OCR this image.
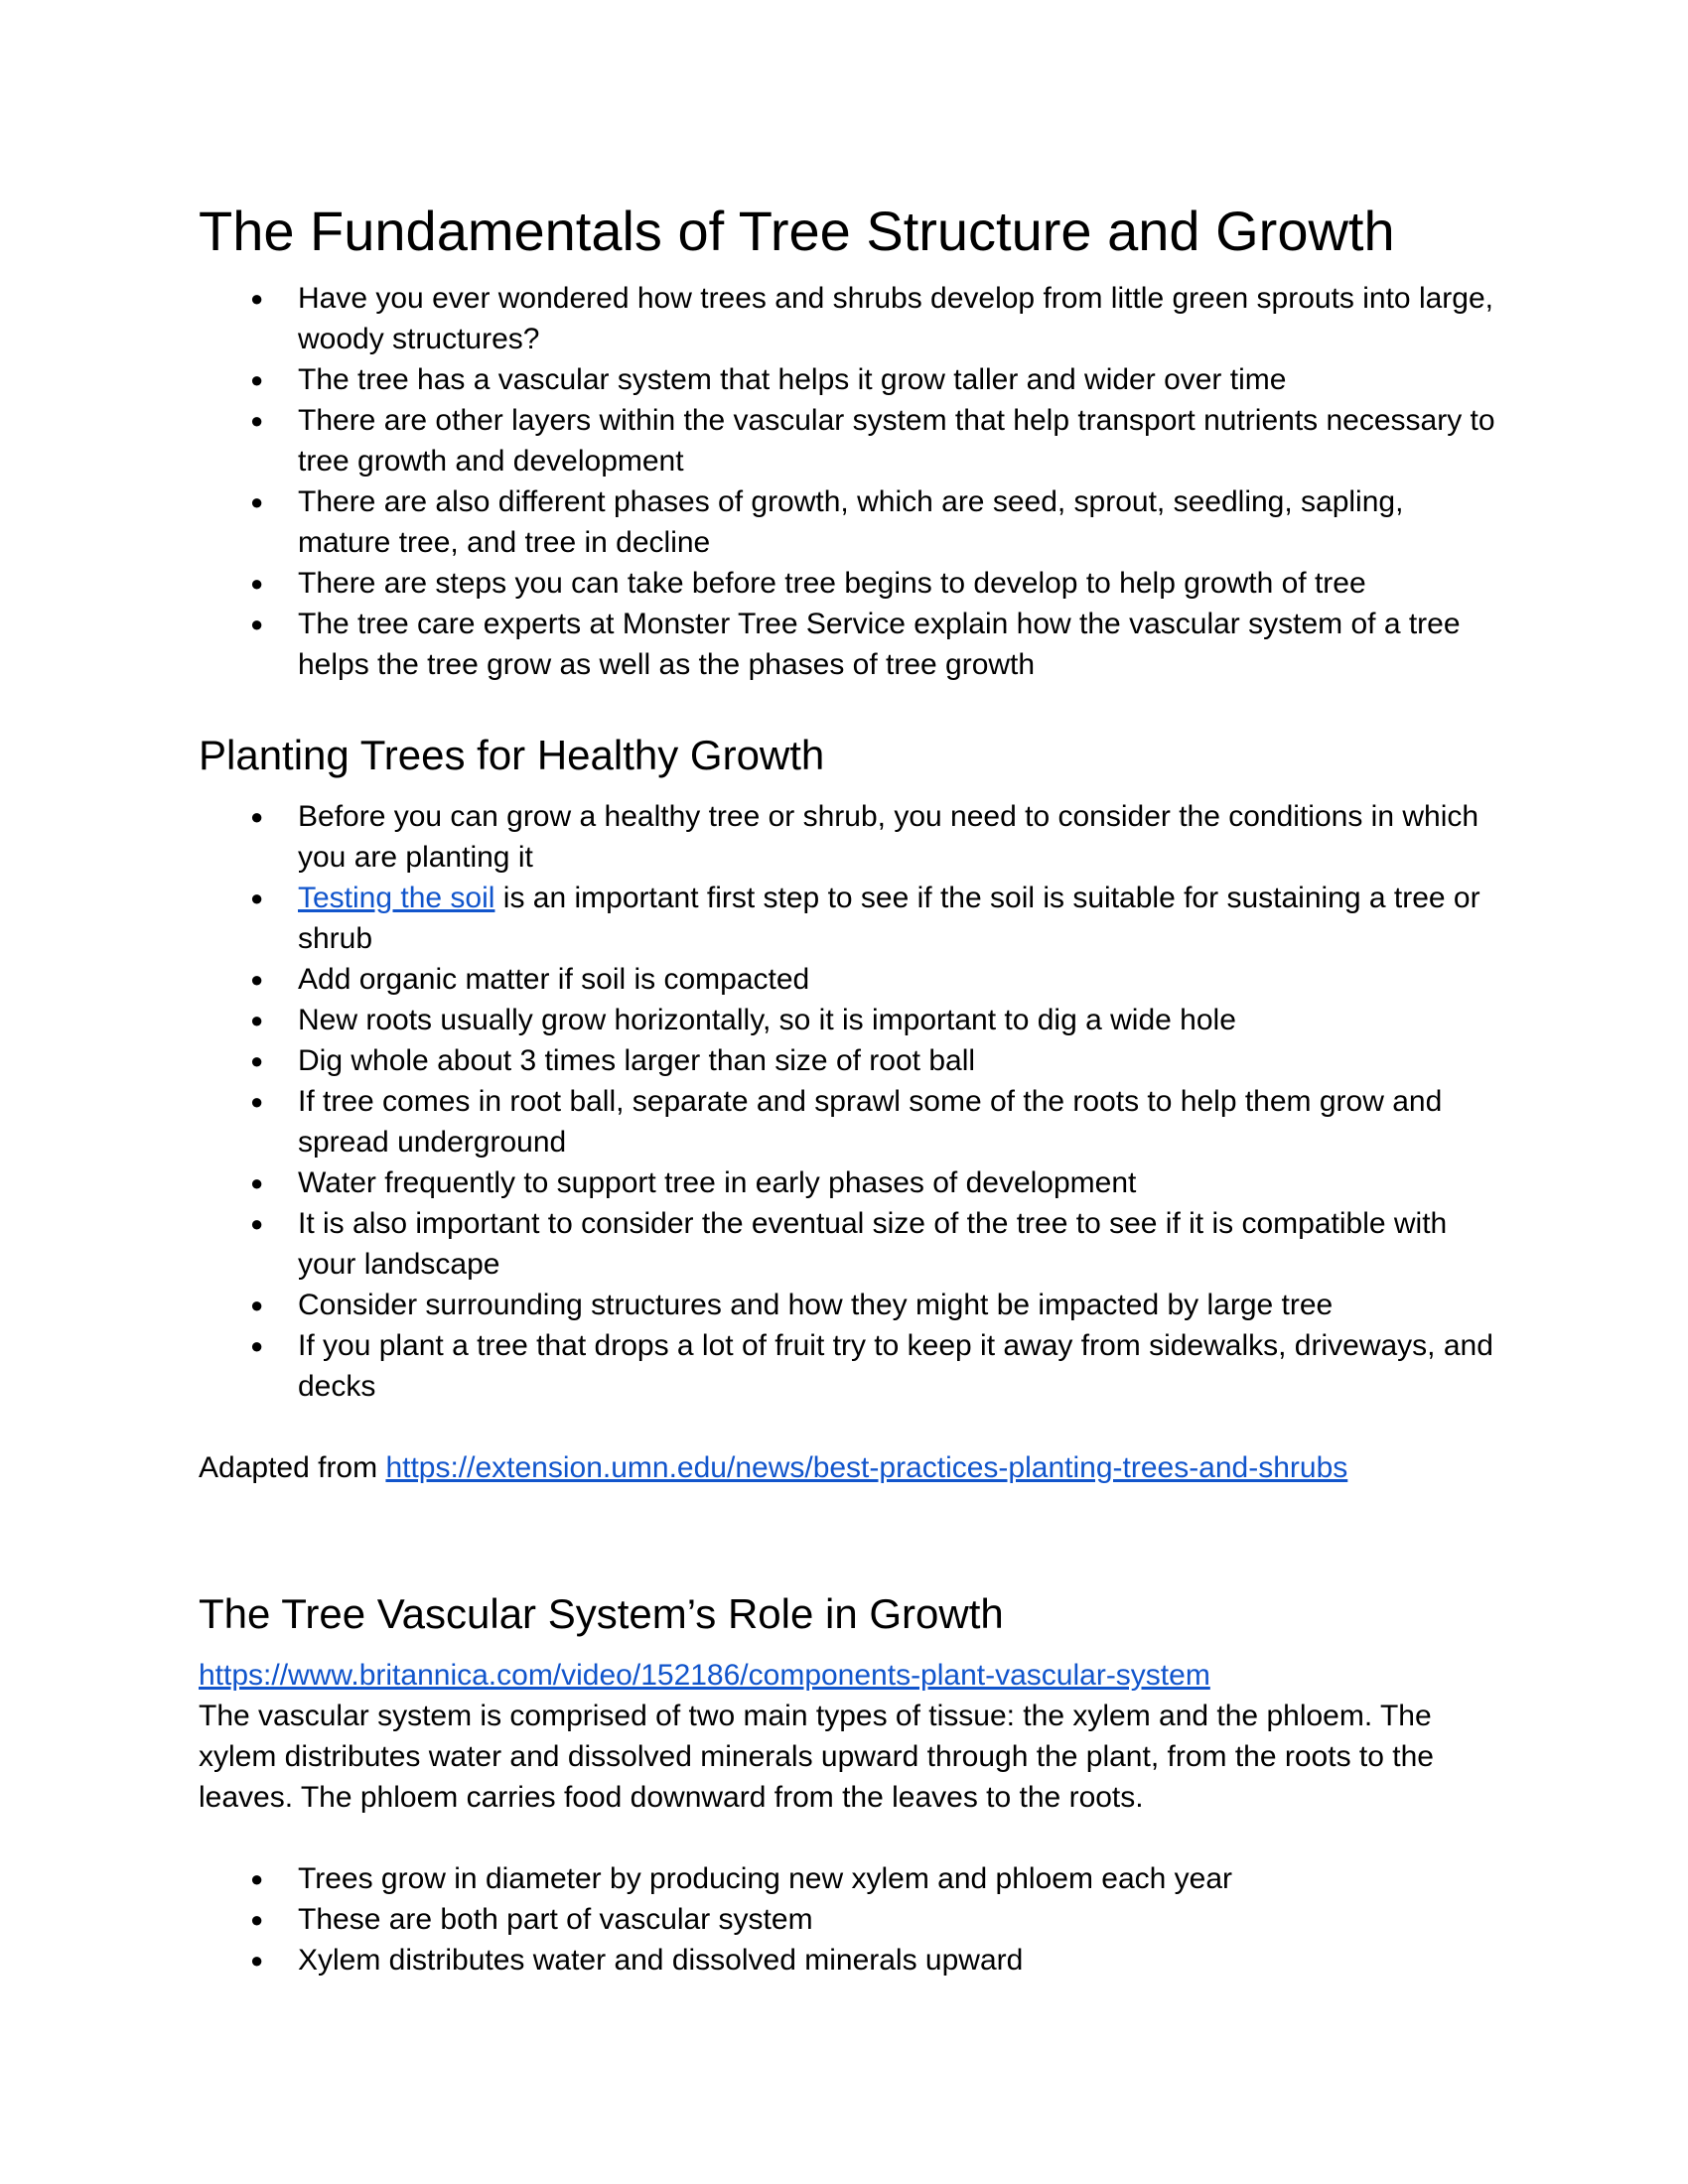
The Fundamentals of Tree Structure and Growth
● Have you ever wondered how trees and shrubs develop from little green sprouts into large, woody structures?
● The tree has a vascular system that helps it grow taller and wider over time
● There are other layers within the vascular system that help transport nutrients necessary to tree growth and development
● There are also different phases of growth, which are seed, sprout, seedling, sapling, mature tree, and tree in decline
● There are steps you can take before tree begins to develop to help growth of tree
● The tree care experts at Monster Tree Service explain how the vascular system of a tree helps the tree grow as well as the phases of tree growth
Planting Trees for Healthy Growth
● Before you can grow a healthy tree or shrub, you need to consider the conditions in which you are planting it
● Testing the soil is an important first step to see if the soil is suitable for sustaining a tree or shrub
● Add organic matter if soil is compacted
● New roots usually grow horizontally, so it is important to dig a wide hole
● Dig whole about 3 times larger than size of root ball
● If tree comes in root ball, separate and sprawl some of the roots to help them grow and spread underground
● Water frequently to support tree in early phases of development
● It is also important to consider the eventual size of the tree to see if it is compatible with your landscape
● Consider surrounding structures and how they might be impacted by large tree
● If you plant a tree that drops a lot of fruit try to keep it away from sidewalks, driveways, and decks

Adapted from https://extension.umn.edu/news/best-practices-planting-trees-and-shrubs

The Tree Vascular System’s Role in Growth

https://www.britannica.com/video/152186/components-plant-vascular-system

The vascular system is comprised of two main types of tissue: the xylem and the phloem. The xylem distributes water and dissolved minerals upward through the plant, from the roots to the leaves. The phloem carries food downward from the leaves to the roots.

● Trees grow in diameter by producing new xylem and phloem each year
● These are both part of vascular system
● Xylem distributes water and dissolved minerals upward
